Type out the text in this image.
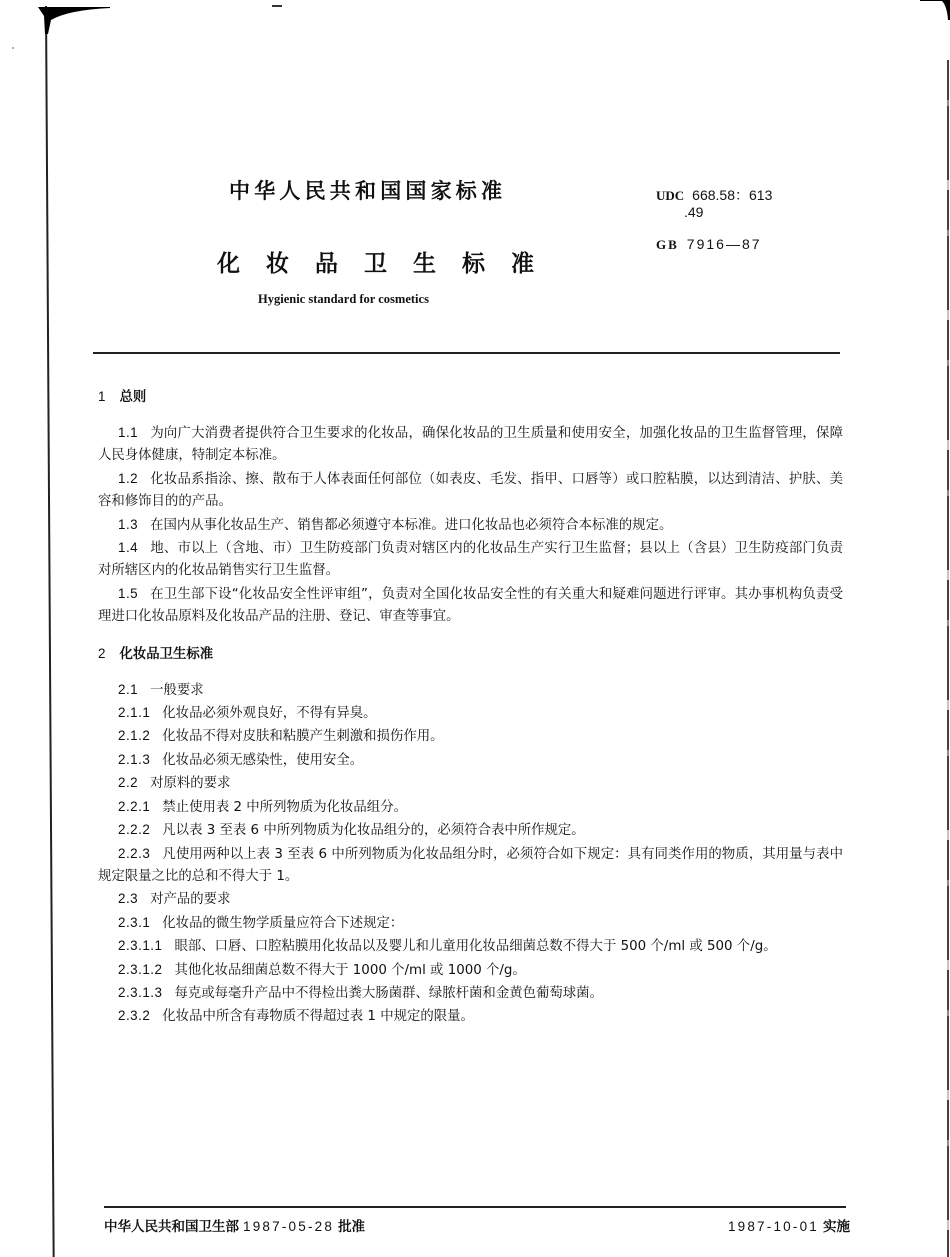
中华人民共和国国家标准	UDC 668.58：613
.49
GB 7916—87
化妆品卫生标准
Hygienic standard for cosmetics

1 总则

1.1 为向广大消费者提供符合卫生要求的化妆品，确保化妆品的卫生质量和使用安全，加强化妆品的卫生监督管理，保障人民身体健康，特制定本标准。

1.2 化妆品系指涂、擦、散布于人体表面任何部位（如表皮、毛发、指甲、口唇等）或口腔粘膜，以达到清洁、护肤、美容和修饰目的的产品。

1.3 在国内从事化妆品生产、销售都必须遵守本标准。进口化妆品也必须符合本标准的规定。

1.4 地、市以上（含地、市）卫生防疫部门负责对辖区内的化妆品生产实行卫生监督；县以上（含县）卫生防疫部门负责对所辖区内的化妆品销售实行卫生监督。

1.5 在卫生部下设“化妆品安全性评审组”，负责对全国化妆品安全性的有关重大和疑难问题进行评审。其办事机构负责受理进口化妆品原料及化妆品产品的注册、登记、审查等事宜。

2 化妆品卫生标准

2.1 一般要求

2.1.1 化妆品必须外观良好，不得有异臭。

2.1.2 化妆品不得对皮肤和粘膜产生刺激和损伤作用。

2.1.3 化妆品必须无感染性，使用安全。

2.2 对原料的要求

2.2.1 禁止使用表 2 中所列物质为化妆品组分。

2.2.2 凡以表 3 至表 6 中所列物质为化妆品组分的，必须符合表中所作规定。

2.2.3 凡使用两种以上表 3 至表 6 中所列物质为化妆品组分时，必须符合如下规定：具有同类作用的物质，其用量与表中规定限量之比的总和不得大于 1。

2.3 对产品的要求

2.3.1 化妆品的微生物学质量应符合下述规定：

2.3.1.1 眼部、口唇、口腔粘膜用化妆品以及婴儿和儿童用化妆品细菌总数不得大于 500 个/ml 或 500 个/g。

2.3.1.2 其他化妆品细菌总数不得大于 1000 个/ml 或 1000 个/g。

2.3.1.3 每克或每毫升产品中不得检出粪大肠菌群、绿脓杆菌和金黄色葡萄球菌。

2.3.2 化妆品中所含有毒物质不得超过表 1 中规定的限量。

中华人民共和国卫生部 1987-05-28 批准	1987-10-01 实施
